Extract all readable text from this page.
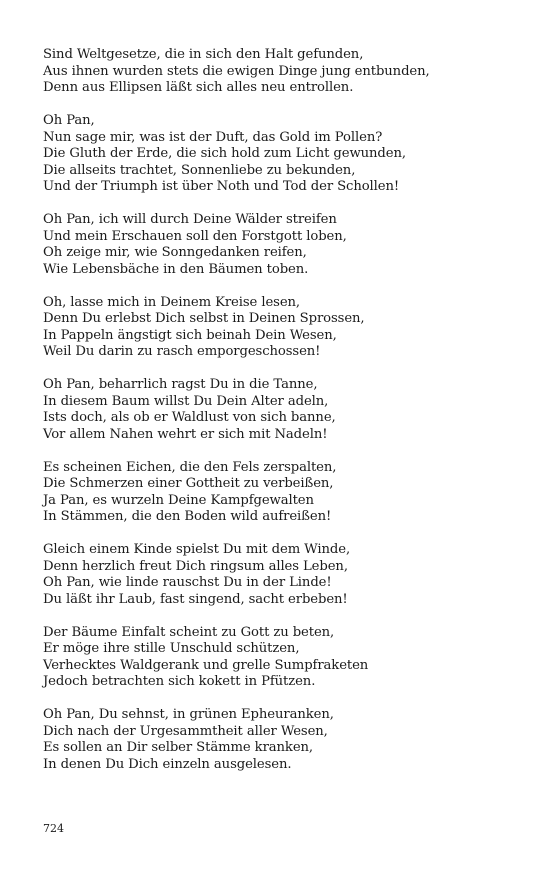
Sind Weltgesetze, die in sich den Halt gefunden,
Aus ihnen wurden stets die ewigen Dinge jung entbunden,
Denn aus Ellipsen läßt sich alles neu entrollen.
Oh Pan,
Nun sage mir, was ist der Duft, das Gold im Pollen?
Die Gluth der Erde, die sich hold zum Licht gewunden,
Die allseits trachtet, Sonnenliebe zu bekunden,
Und der Triumph ist über Noth und Tod der Schollen!
Oh Pan, ich will durch Deine Wälder streifen
Und mein Erschauen soll den Forstgott loben,
Oh zeige mir, wie Sonngedanken reifen,
Wie Lebensbäche in den Bäumen toben.
Oh, lasse mich in Deinem Kreise lesen,
Denn Du erlebst Dich selbst in Deinen Sprossen,
In Pappeln ängstigt sich beinah Dein Wesen,
Weil Du darin zu rasch emporgeschossen!
Oh Pan, beharrlich ragst Du in die Tanne,
In diesem Baum willst Du Dein Alter adeln,
Ists doch, als ob er Waldlust von sich banne,
Vor allem Nahen wehrt er sich mit Nadeln!
Es scheinen Eichen, die den Fels zerspalten,
Die Schmerzen einer Gottheit zu verbeißen,
Ja Pan, es wurzeln Deine Kampfgewalten
In Stämmen, die den Boden wild aufreißen!
Gleich einem Kinde spielst Du mit dem Winde,
Denn herzlich freut Dich ringsum alles Leben,
Oh Pan, wie linde rauschst Du in der Linde!
Du läßt ihr Laub, fast singend, sacht erbeben!
Der Bäume Einfalt scheint zu Gott zu beten,
Er möge ihre stille Unschuld schützen,
Verhecktes Waldgerank und grelle Sumpfraketen
Jedoch betrachten sich kokett in Pfützen.
Oh Pan, Du sehnst, in grünen Epheuranken,
Dich nach der Urgesammtheit aller Wesen,
Es sollen an Dir selber Stämme kranken,
In denen Du Dich einzeln ausgelesen.
724
